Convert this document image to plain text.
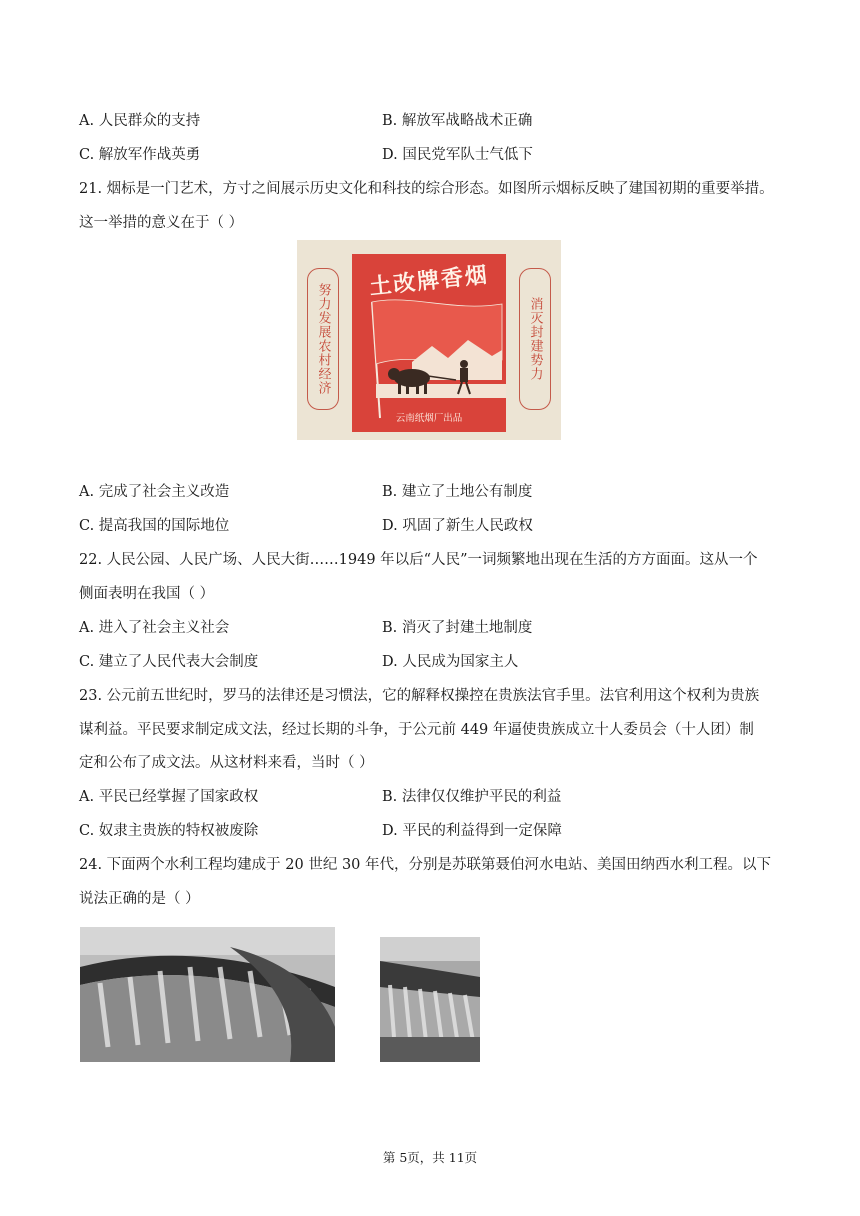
A. 人民群众的支持	B. 解放军战略战术正确
C. 解放军作战英勇	D. 国民党军队士气低下
21. 烟标是一门艺术，方寸之间展示历史文化和科技的综合形态。如图所示烟标反映了建国初期的重要举措。
这一举措的意义在于（ ）
努力发展农村经济	消灭封建势力
土改牌香烟
云南纸烟厂出品
A. 完成了社会主义改造	B. 建立了土地公有制度
C. 提高我国的国际地位	D. 巩固了新生人民政权
22. 人民公园、人民广场、人民大街……1949 年以后“人民”一词频繁地出现在生活的方方面面。这从一个
侧面表明在我国（ ）
A. 进入了社会主义社会	B. 消灭了封建土地制度
C. 建立了人民代表大会制度	D. 人民成为国家主人
23. 公元前五世纪时，罗马的法律还是习惯法，它的解释权操控在贵族法官手里。法官利用这个权利为贵族
谋利益。平民要求制定成文法，经过长期的斗争，于公元前 449 年逼使贵族成立十人委员会（十人团）制
定和公布了成文法。从这材料来看，当时（ ）
A. 平民已经掌握了国家政权	B. 法律仅仅维护平民的利益
C. 奴隶主贵族的特权被废除	D. 平民的利益得到一定保障
24. 下面两个水利工程均建成于 20 世纪 30 年代，分别是苏联第聂伯河水电站、美国田纳西水利工程。以下
说法正确的是（ ）
第 5页，共 11页
